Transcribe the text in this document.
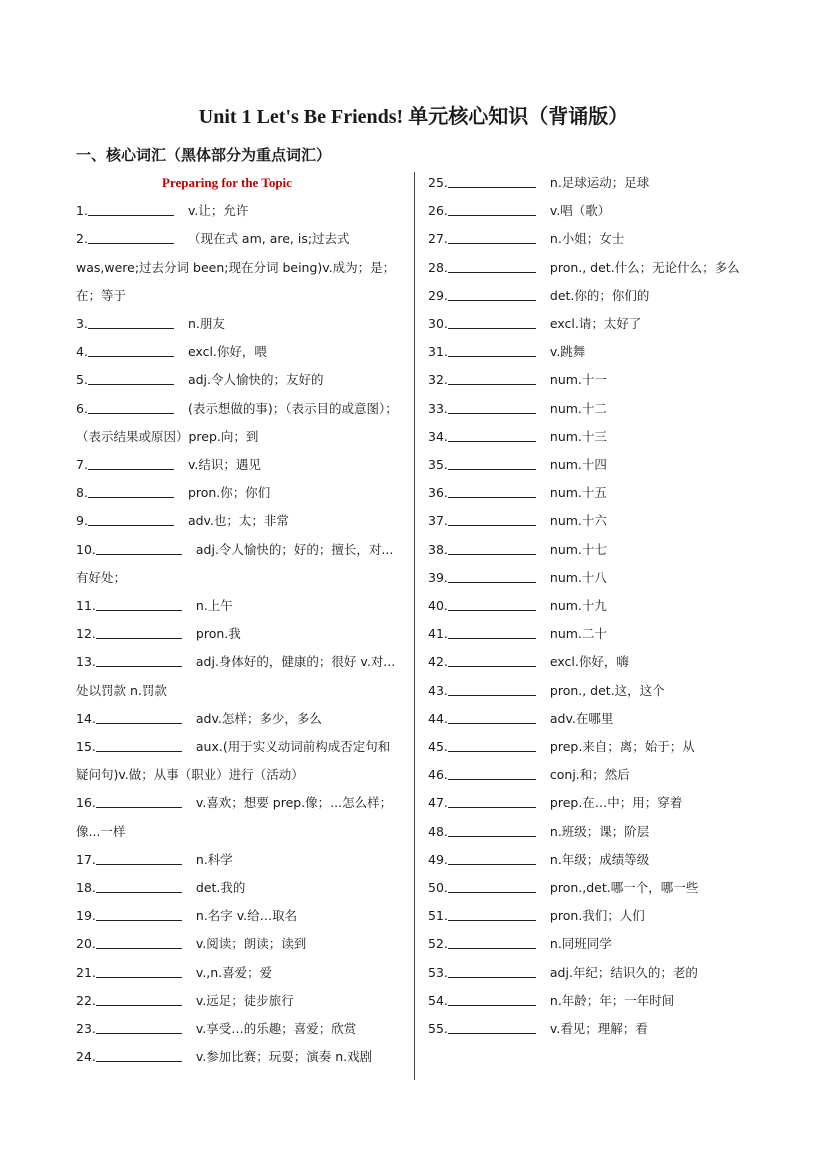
Unit 1 Let's Be Friends! 单元核心知识（背诵版）
一、核心词汇（黑体部分为重点词汇）
Preparing for the Topic
1.	v.让；允许
2.	（现在式 am, are, is;过去式 was,were;过去分词 been;现在分词 being)v.成为；是；在；等于
3.	n.朋友
4.	excl.你好，喂
5.	adj.令人愉快的；友好的
6.	(表示想做的事)；（表示目的或意图）；（表示结果或原因）prep.向；到
7.	v.结识；遇见
8.	pron.你；你们
9.	adv.也；太；非常
10.	adj.令人愉快的；好的；擅长，对...有好处；
11.	n.上午
12.	pron.我
13.	adj.身体好的，健康的；很好 v.对...处以罚款 n.罚款
14.	adv.怎样；多少，多么
15.	aux.(用于实义动词前构成否定句和疑问句)v.做；从事（职业）进行（活动）
16.	v.喜欢；想要 prep.像；...怎么样；像...一样
17.	n.科学
18.	det.我的
19.	n.名字 v.给…取名
20.	v.阅读；朗读；读到
21.	v.,n.喜爱；爱
22.	v.远足；徒步旅行
23.	v.享受…的乐趣；喜爱；欣赏
24.	v.参加比赛；玩耍；演奏 n.戏剧
25.	n.足球运动；足球
26.	v.唱（歌）
27.	n.小姐；女士
28.	pron., det.什么；无论什么；多么
29.	det.你的；你们的
30.	excl.请；太好了
31.	v.跳舞
32.	num.十一
33.	num.十二
34.	num.十三
35.	num.十四
36.	num.十五
37.	num.十六
38.	num.十七
39.	num.十八
40.	num.十九
41.	num.二十
42.	excl.你好，嗨
43.	pron., det.这，这个
44.	adv.在哪里
45.	prep.来自；离；始于；从
46.	conj.和；然后
47.	prep.在…中；用；穿着
48.	n.班级；课；阶层
49.	n.年级；成绩等级
50.	pron.,det.哪一个，哪一些
51.	pron.我们；人们
52.	n.同班同学
53.	adj.年纪；结识久的；老的
54.	n.年龄；年；一年时间
55.	v.看见；理解；看
